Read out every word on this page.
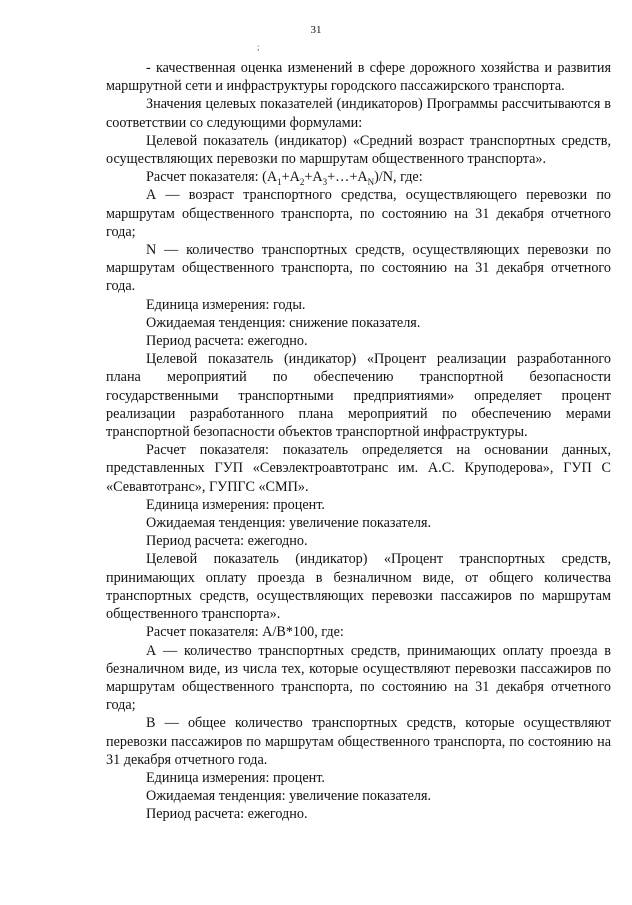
31
;

- качественная оценка изменений в сфере дорожного хозяйства и развития маршрутной сети и инфраструктуры городского пассажирского транспорта.

Значения целевых показателей (индикаторов) Программы рассчитываются в соответствии со следующими формулами:

Целевой показатель (индикатор) «Средний возраст транспортных средств, осуществляющих перевозки по маршрутам общественного транспорта».

Расчет показателя: $(A_1+A_2+A_3+\dots+A_N)/N$, где:

А — возраст транспортного средства, осуществляющего перевозки по маршрутам общественного транспорта, по состоянию на 31 декабря отчетного года;

N — количество транспортных средств, осуществляющих перевозки по маршрутам общественного транспорта, по состоянию на 31 декабря отчетного года.

Единица измерения: годы.

Ожидаемая тенденция: снижение показателя.

Период расчета: ежегодно.

Целевой показатель (индикатор) «Процент реализации разработанного плана мероприятий по обеспечению транспортной безопасности государственными транспортными предприятиями» определяет процент реализации разработанного плана мероприятий по обеспечению мерами транспортной безопасности объектов транспортной инфраструктуры.

Расчет показателя: показатель определяется на основании данных, представленных ГУП «Севэлектроавтотранс им. А.С. Круподерова», ГУП С «Севавтотранс», ГУПГС «СМП».

Единица измерения: процент.

Ожидаемая тенденция: увеличение показателя.

Период расчета: ежегодно.

Целевой показатель (индикатор) «Процент транспортных средств, принимающих оплату проезда в безналичном виде, от общего количества транспортных средств, осуществляющих перевозки пассажиров по маршрутам общественного транспорта».

Расчет показателя: А/В*100, где:

А — количество транспортных средств, принимающих оплату проезда в безналичном виде, из числа тех, которые осуществляют перевозки пассажиров по маршрутам общественного транспорта, по состоянию на 31 декабря отчетного года;

В — общее количество транспортных средств, которые осуществляют перевозки пассажиров по маршрутам общественного транспорта, по состоянию на 31 декабря отчетного года.

Единица измерения: процент.

Ожидаемая тенденция: увеличение показателя.

Период расчета: ежегодно.
